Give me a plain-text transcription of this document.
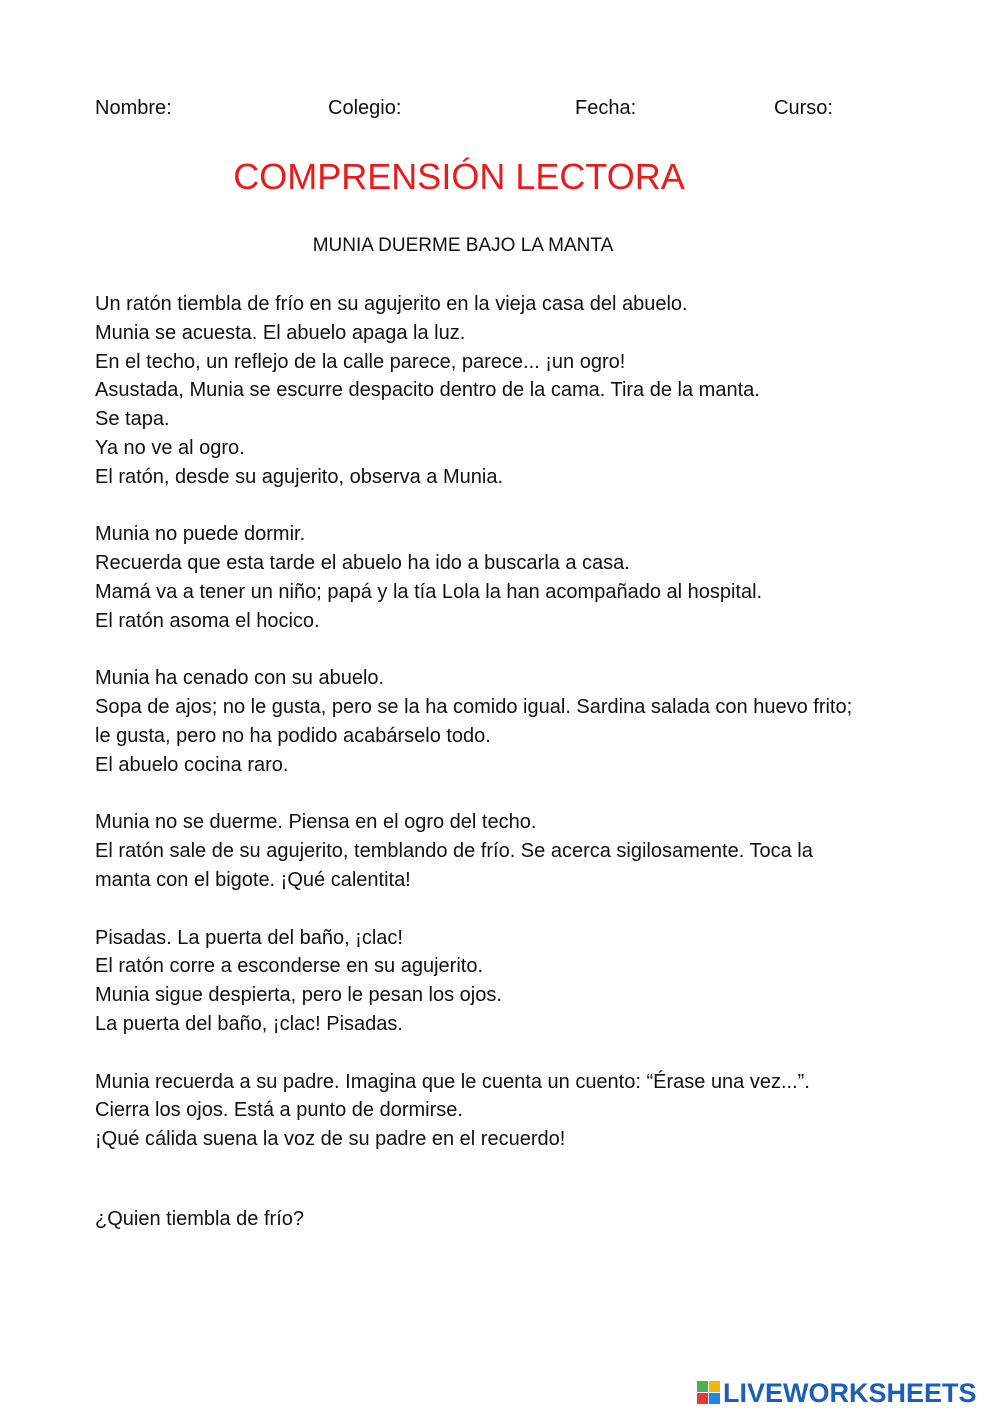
Nombre:	Colegio:	Fecha:	Curso:
COMPRENSIÓN LECTORA
MUNIA DUERME BAJO LA MANTA
Un ratón tiembla de frío en su agujerito en la vieja casa del abuelo.
Munia se acuesta. El abuelo apaga la luz.
En el techo, un reflejo de la calle parece, parece... ¡un ogro!
Asustada, Munia se escurre despacito dentro de la cama. Tira de la manta.
Se tapa.
Ya no ve al ogro.
El ratón, desde su agujerito, observa a Munia.
Munia no puede dormir.
Recuerda que esta tarde el abuelo ha ido a buscarla a casa.
Mamá va a tener un niño; papá y la tía Lola la han acompañado al hospital.
El ratón asoma el hocico.
Munia ha cenado con su abuelo.
Sopa de ajos; no le gusta, pero se la ha comido igual. Sardina salada con huevo frito;
le gusta, pero no ha podido acabárselo todo.
El abuelo cocina raro.
Munia no se duerme. Piensa en el ogro del techo.
El ratón sale de su agujerito, temblando de frío. Se acerca sigilosamente. Toca la
manta con el bigote. ¡Qué calentita!
Pisadas. La puerta del baño, ¡clac!
El ratón corre a esconderse en su agujerito.
Munia sigue despierta, pero le pesan los ojos.
La puerta del baño, ¡clac! Pisadas.
Munia recuerda a su padre. Imagina que le cuenta un cuento: “Érase una vez...”.
Cierra los ojos. Está a punto de dormirse.
¡Qué cálida suena la voz de su padre en el recuerdo!
¿Quien tiembla de frío?
LIVEWORKSHEETS
